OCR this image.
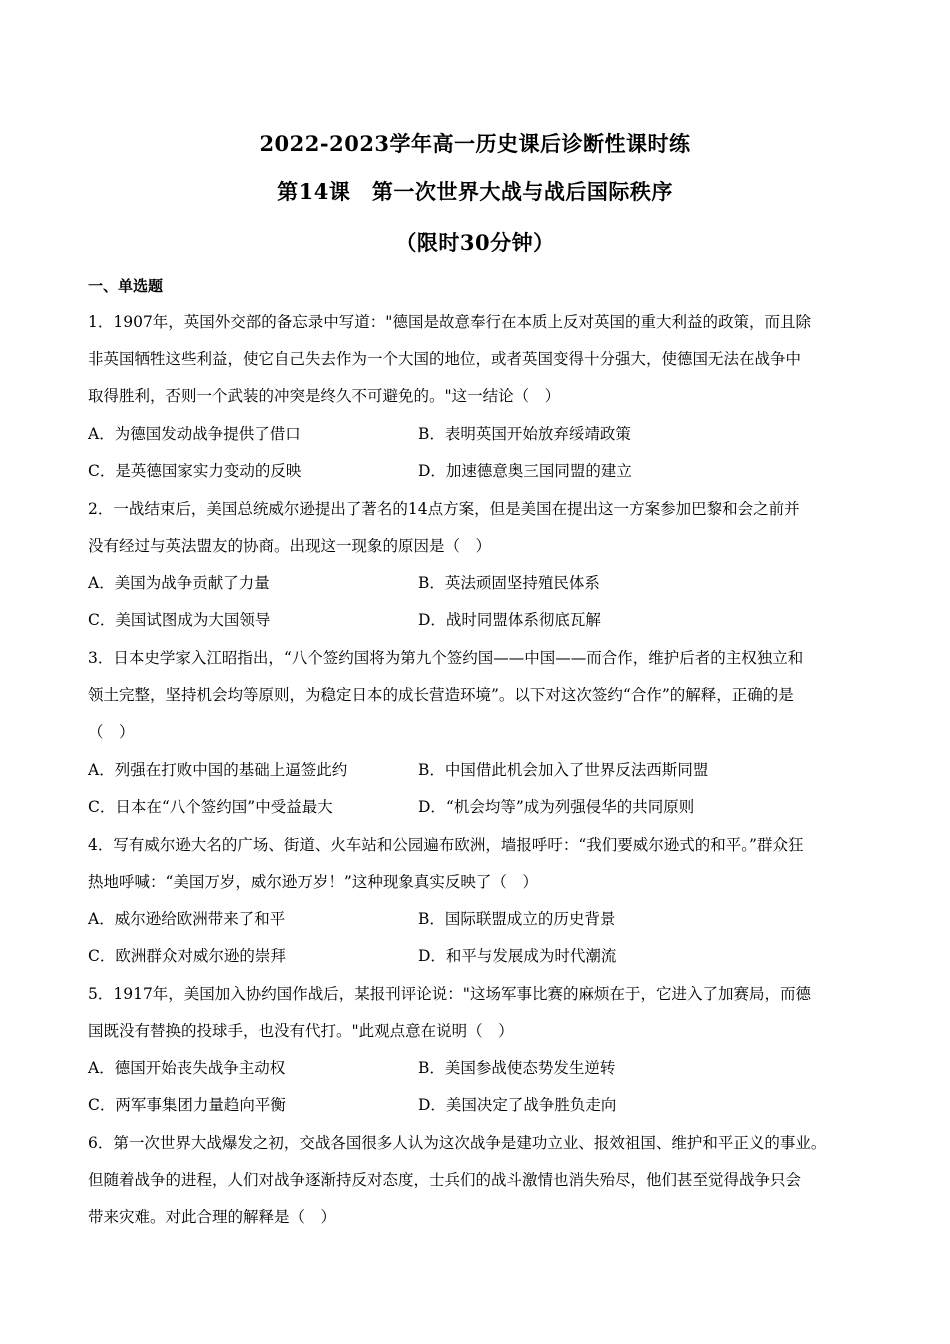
2022-2023学年高一历史课后诊断性课时练
第14课　第一次世界大战与战后国际秩序
（限时30分钟）
一、单选题
1．1907年，英国外交部的备忘录中写道："德国是故意奉行在本质上反对英国的重大利益的政策，而且除
非英国牺牲这些利益，使它自己失去作为一个大国的地位，或者英国变得十分强大，使德国无法在战争中
取得胜利，否则一个武装的冲突是终久不可避免的。"这一结论（　）
A．为德国发动战争提供了借口	B．表明英国开始放弃绥靖政策
C．是英德国家实力变动的反映	D．加速德意奥三国同盟的建立
2．一战结束后，美国总统威尔逊提出了著名的14点方案，但是美国在提出这一方案参加巴黎和会之前并
没有经过与英法盟友的协商。出现这一现象的原因是（　）
A．美国为战争贡献了力量	B．英法顽固坚持殖民体系
C．美国试图成为大国领导	D．战时同盟体系彻底瓦解
3．日本史学家入江昭指出，“八个签约国将为第九个签约国——中国——而合作，维护后者的主权独立和
领土完整，坚持机会均等原则，为稳定日本的成长营造环境”。以下对这次签约“合作”的解释，正确的是
（　）
A．列强在打败中国的基础上逼签此约	B．中国借此机会加入了世界反法西斯同盟
C．日本在“八个签约国”中受益最大	D．“机会均等”成为列强侵华的共同原则
4．写有威尔逊大名的广场、街道、火车站和公园遍布欧洲，墙报呼吁：“我们要威尔逊式的和平。”群众狂
热地呼喊：“美国万岁，威尔逊万岁！”这种现象真实反映了（　）
A．威尔逊给欧洲带来了和平	B．国际联盟成立的历史背景
C．欧洲群众对威尔逊的崇拜	D．和平与发展成为时代潮流
5．1917年，美国加入协约国作战后，某报刊评论说："这场军事比赛的麻烦在于，它进入了加赛局，而德
国既没有替换的投球手，也没有代打。"此观点意在说明（　）
A．德国开始丧失战争主动权	B．美国参战使态势发生逆转
C．两军事集团力量趋向平衡	D．美国决定了战争胜负走向
6．第一次世界大战爆发之初，交战各国很多人认为这次战争是建功立业、报效祖国、维护和平正义的事业。
但随着战争的进程，人们对战争逐渐持反对态度，士兵们的战斗激情也消失殆尽，他们甚至觉得战争只会
带来灾难。对此合理的解释是（　）
